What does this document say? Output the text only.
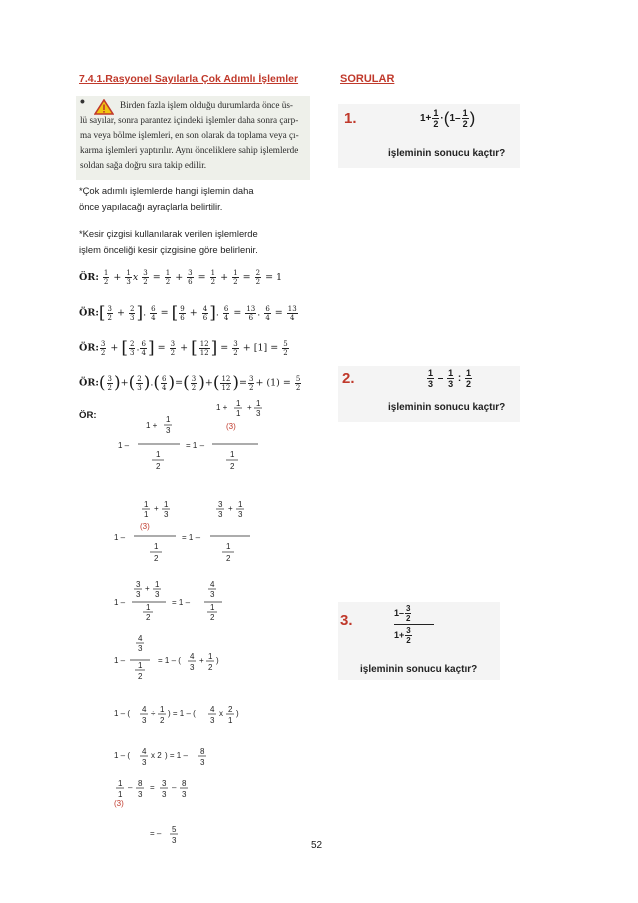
7.4.1.Rasyonel Sayılarla Çok Adımlı İşlemler	SORULAR
•	Birden fazla işlem olduğu durumlarda önce üs-
lü sayılar, sonra parantez içindeki işlemler daha sonra çarp-
ma veya bölme işlemleri, en son olarak da toplama veya çı-
karma işlemleri yaptırılır. Aynı önceliklere sahip işlemlerde
soldan sağa doğru sıra takip edilir.
*Çok adımlı işlemlerde hangi işlemin daha
önce yapılacağı ayraçlarla belirtilir.
*Kesir çizgisi kullanılarak verilen işlemlerde
işlem önceliği kesir çizgisine göre belirlenir.
ÖR: $\frac{1}{2} + \frac{1}{3}$ x $\frac{3}{2} = \frac{1}{2} + \frac{3}{6} = \frac{1}{2} + \frac{1}{2} = \frac{2}{2} = 1$
ÖR:[ $\frac{3}{2} + \frac{2}{3}$ ]. $\frac{6}{4}$ = [ $\frac{9}{6} + \frac{4}{6}$ ]. $\frac{6}{4} = \frac{13}{6}$ . $\frac{6}{4} = \frac{13}{4}$
ÖR: $\frac{3}{2}$ + [ $\frac{2}{3}$ . $\frac{6}{4}$ ] = $\frac{3}{2}$ + [ $\frac{12}{12}$ ] = $\frac{3}{2} + [1] = \frac{5}{2}$
ÖR:( $\frac{3}{2}$ )+( $\frac{2}{3}$ ).( $\frac{6}{4}$ )=( $\frac{3}{2}$ )+( $\frac{12}{12}$ )= $\frac{3}{2} + (1) = \frac{5}{2}$
ÖR:
1 –
1 +
1
3
1
2
= 1 –
1 + 1
1
+ 1
3
(3)
1
2
1 –
1
1
+ 1
3
(3)
1
2
= 1 –
3
3
+ 1
3
1
2
1 –
3
3
+ 1
3
1
2
= 1 –
4
3
1
2
1 –
4
3
1
2
= 1 – ( 4
3
+ 1
2
)
1 – ( 4
3
÷ 1
2
) = 1 – ( 4
3
x 2
1
)
1 – ( 4
3
x 2 ) = 1 – 8
3
1
1
– 8
3
= 3
3
– 8
3
(3)
= – 5
3
1.	$1+ \frac{1}{2} \cdot(1- \frac{1}{2}$ )
işleminin sonucu kaçtır?
2.	$\frac{1}{3} - \frac{1}{3}$ : $\frac{1}{2}$
işleminin sonucu kaçtır?
3.	$1- \frac{3}{2}$
$1+ \frac{3}{2}$
işleminin sonucu kaçtır?
52
